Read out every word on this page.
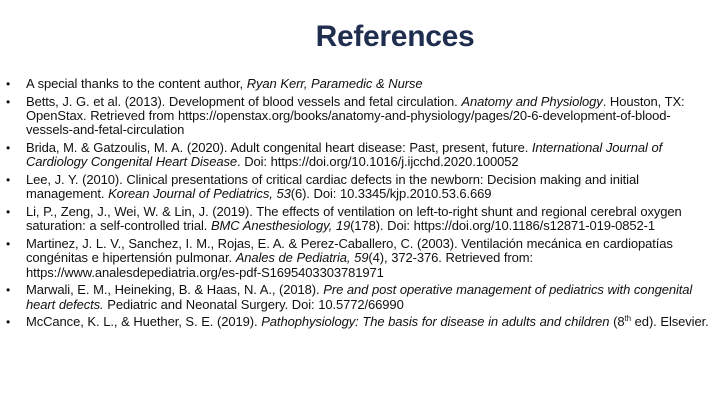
References
• A special thanks to the content author, Ryan Kerr, Paramedic & Nurse
• Betts, J. G. et al. (2013). Development of blood vessels and fetal circulation. Anatomy and Physiology. Houston, TX: OpenStax. Retrieved from https://openstax.org/books/anatomy-and-physiology/pages/20-6-development-of-blood-vessels-and-fetal-circulation
• Brida, M. & Gatzoulis, M. A. (2020). Adult congenital heart disease: Past, present, future. International Journal of Cardiology Congenital Heart Disease. Doi: https://doi.org/10.1016/j.ijcchd.2020.100052
• Lee, J. Y. (2010). Clinical presentations of critical cardiac defects in the newborn: Decision making and initial management. Korean Journal of Pediatrics, 53(6). Doi: 10.3345/kjp.2010.53.6.669
• Li, P., Zeng, J., Wei, W. & Lin, J. (2019). The effects of ventilation on left-to-right shunt and regional cerebral oxygen saturation: a self-controlled trial. BMC Anesthesiology, 19(178). Doi: https://doi.org/10.1186/s12871-019-0852-1
• Martinez, J. L. V., Sanchez, I. M., Rojas, E. A. & Perez-Caballero, C. (2003). Ventilación mecánica en cardiopatías congénitas e hipertensión pulmonar. Anales de Pediatria, 59(4), 372-376. Retrieved from: https://www.analesdepediatria.org/es-pdf-S1695403303781971
• Marwali, E. M., Heineking, B. & Haas, N. A., (2018). Pre and post operative management of pediatrics with congenital heart defects. Pediatric and Neonatal Surgery. Doi: 10.5772/66990
• McCance, K. L., & Huether, S. E. (2019). Pathophysiology: The basis for disease in adults and children (8th ed). Elsevier.
